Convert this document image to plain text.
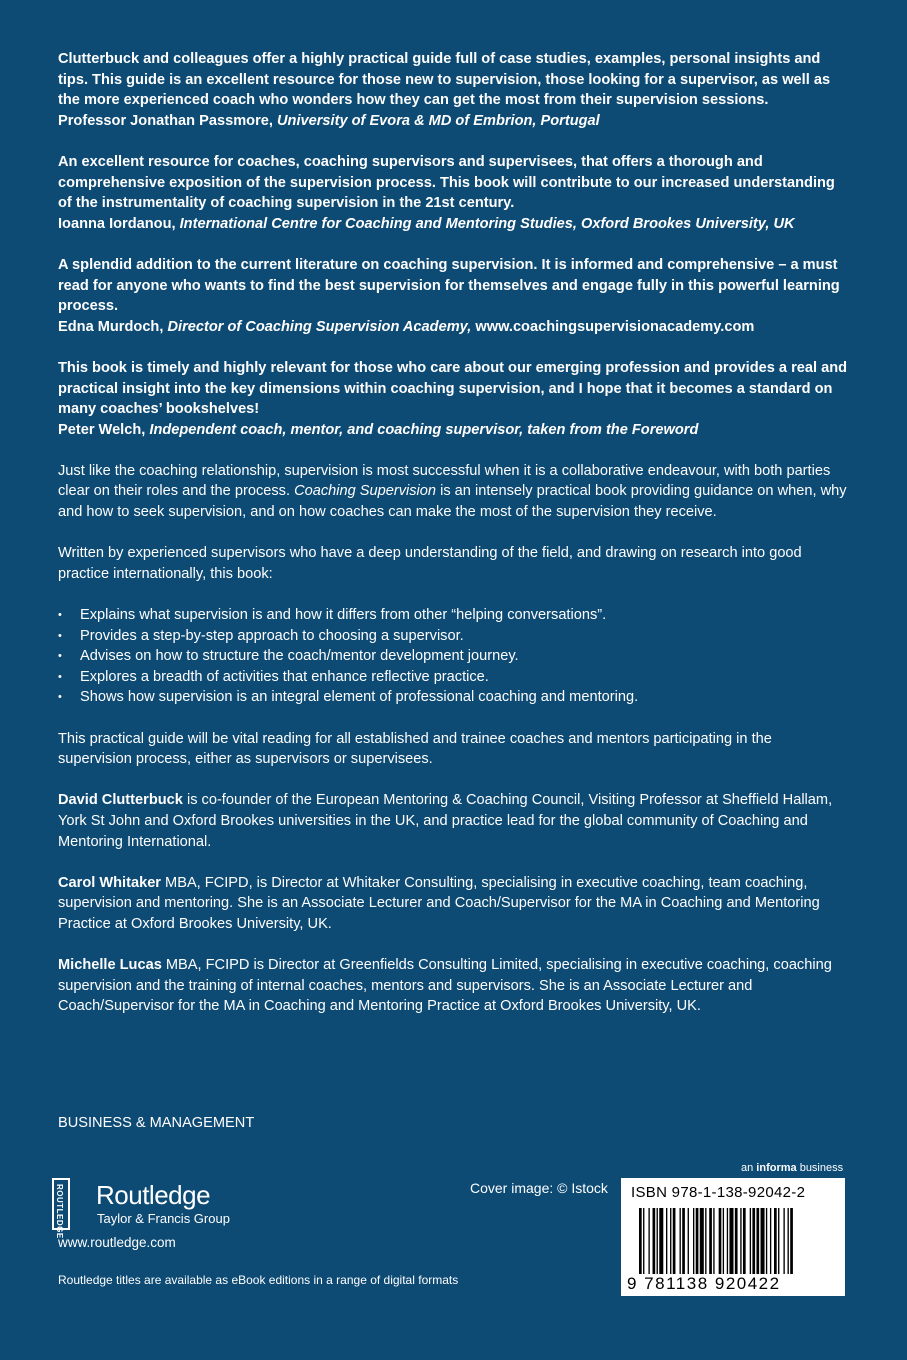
Clutterbuck and colleagues offer a highly practical guide full of case studies, examples, personal insights and tips. This guide is an excellent resource for those new to supervision, those looking for a supervisor, as well as the more experienced coach who wonders how they can get the most from their supervision sessions.

Professor Jonathan Passmore, University of Evora & MD of Embrion, Portugal

An excellent resource for coaches, coaching supervisors and supervisees, that offers a thorough and comprehensive exposition of the supervision process. This book will contribute to our increased understanding of the instrumentality of coaching supervision in the 21st century.

Ioanna Iordanou, International Centre for Coaching and Mentoring Studies, Oxford Brookes University, UK

A splendid addition to the current literature on coaching supervision. It is informed and comprehensive – a must read for anyone who wants to find the best supervision for themselves and engage fully in this powerful learning process.

Edna Murdoch, Director of Coaching Supervision Academy, www.coachingsupervisionacademy.com

This book is timely and highly relevant for those who care about our emerging profession and provides a real and practical insight into the key dimensions within coaching supervision, and I hope that it becomes a standard on many coaches’ bookshelves!

Peter Welch, Independent coach, mentor, and coaching supervisor, taken from the Foreword

Just like the coaching relationship, supervision is most successful when it is a collaborative endeavour, with both parties clear on their roles and the process. Coaching Supervision is an intensely practical book providing guidance on when, why and how to seek supervision, and on how coaches can make the most of the supervision they receive.

Written by experienced supervisors who have a deep understanding of the field, and drawing on research into good practice internationally, this book:

• Explains what supervision is and how it differs from other “helping conversations”.
• Provides a step-by-step approach to choosing a supervisor.
• Advises on how to structure the coach/mentor development journey.
• Explores a breadth of activities that enhance reflective practice.
• Shows how supervision is an integral element of professional coaching and mentoring.

This practical guide will be vital reading for all established and trainee coaches and mentors participating in the supervision process, either as supervisors or supervisees.

David Clutterbuck is co-founder of the European Mentoring & Coaching Council, Visiting Professor at Sheffield Hallam, York St John and Oxford Brookes universities in the UK, and practice lead for the global community of Coaching and Mentoring International.

Carol Whitaker MBA, FCIPD, is Director at Whitaker Consulting, specialising in executive coaching, team coaching, supervision and mentoring. She is an Associate Lecturer and Coach/Supervisor for the MA in Coaching and Mentoring Practice at Oxford Brookes University, UK.

Michelle Lucas MBA, FCIPD is Director at Greenfields Consulting Limited, specialising in executive coaching, coaching supervision and the training of internal coaches, mentors and supervisors. She is an Associate Lecturer and Coach/Supervisor for the MA in Coaching and Mentoring Practice at Oxford Brookes University, UK.

BUSINESS & MANAGEMENT
ROUTLEDGE Routledge
Taylor & Francis Group
www.routledge.com
Routledge titles are available as eBook editions in a range of digital formats
Cover image: © Istock
an informa business
ISBN 978-1-138-92042-2
9 781138 920422
